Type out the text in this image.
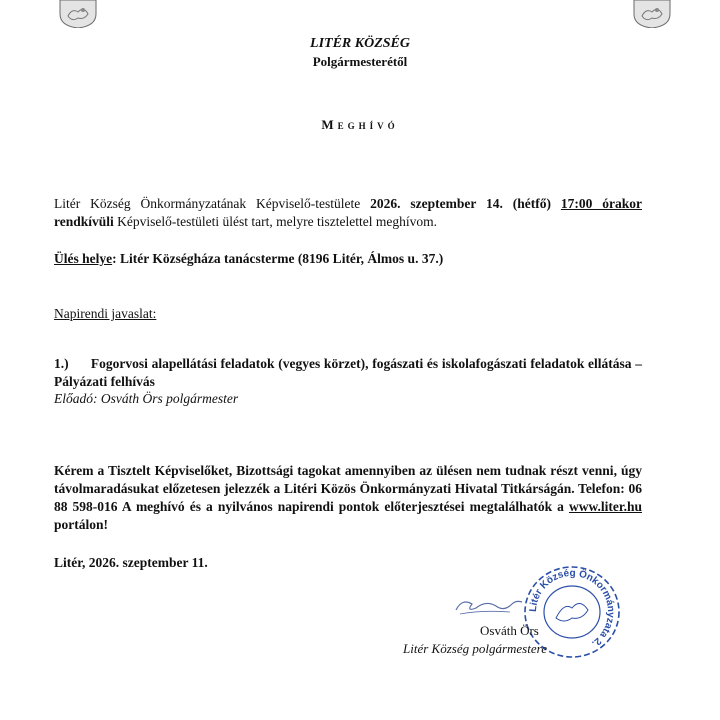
LITÉR KÖZSÉG
Polgármesterétől
Meghívó
Litér Község Önkormányzatának Képviselő-testülete 2026. szeptember 14. (hétfő) 17:00 órakor rendkívüli Képviselő-testületi ülést tart, melyre tisztelettel meghívom.
Ülés helye: Litér Községháza tanácsterme (8196 Litér, Álmos u. 37.)
Napirendi javaslat:
1.) Fogorvosi alapellátási feladatok (vegyes körzet), fogászati és iskolafogászati feladatok ellátása – Pályázati felhívás
Előadó: Osváth Örs polgármester
Kérem a Tisztelt Képviselőket, Bizottsági tagokat amennyiben az ülésen nem tudnak részt venni, úgy távolmaradásukat előzetesen jelezzék a Litéri Közös Önkormányzati Hivatal Titkárságán. Telefon: 06 88 598-016 A meghívó és a nyilvános napirendi pontok előterjesztései megtalálhatók a www.liter.hu portálon!
Litér, 2026. szeptember 11.
Litér Község Önkormányzata 2.
Osváth Örs
Litér Község polgármestere
